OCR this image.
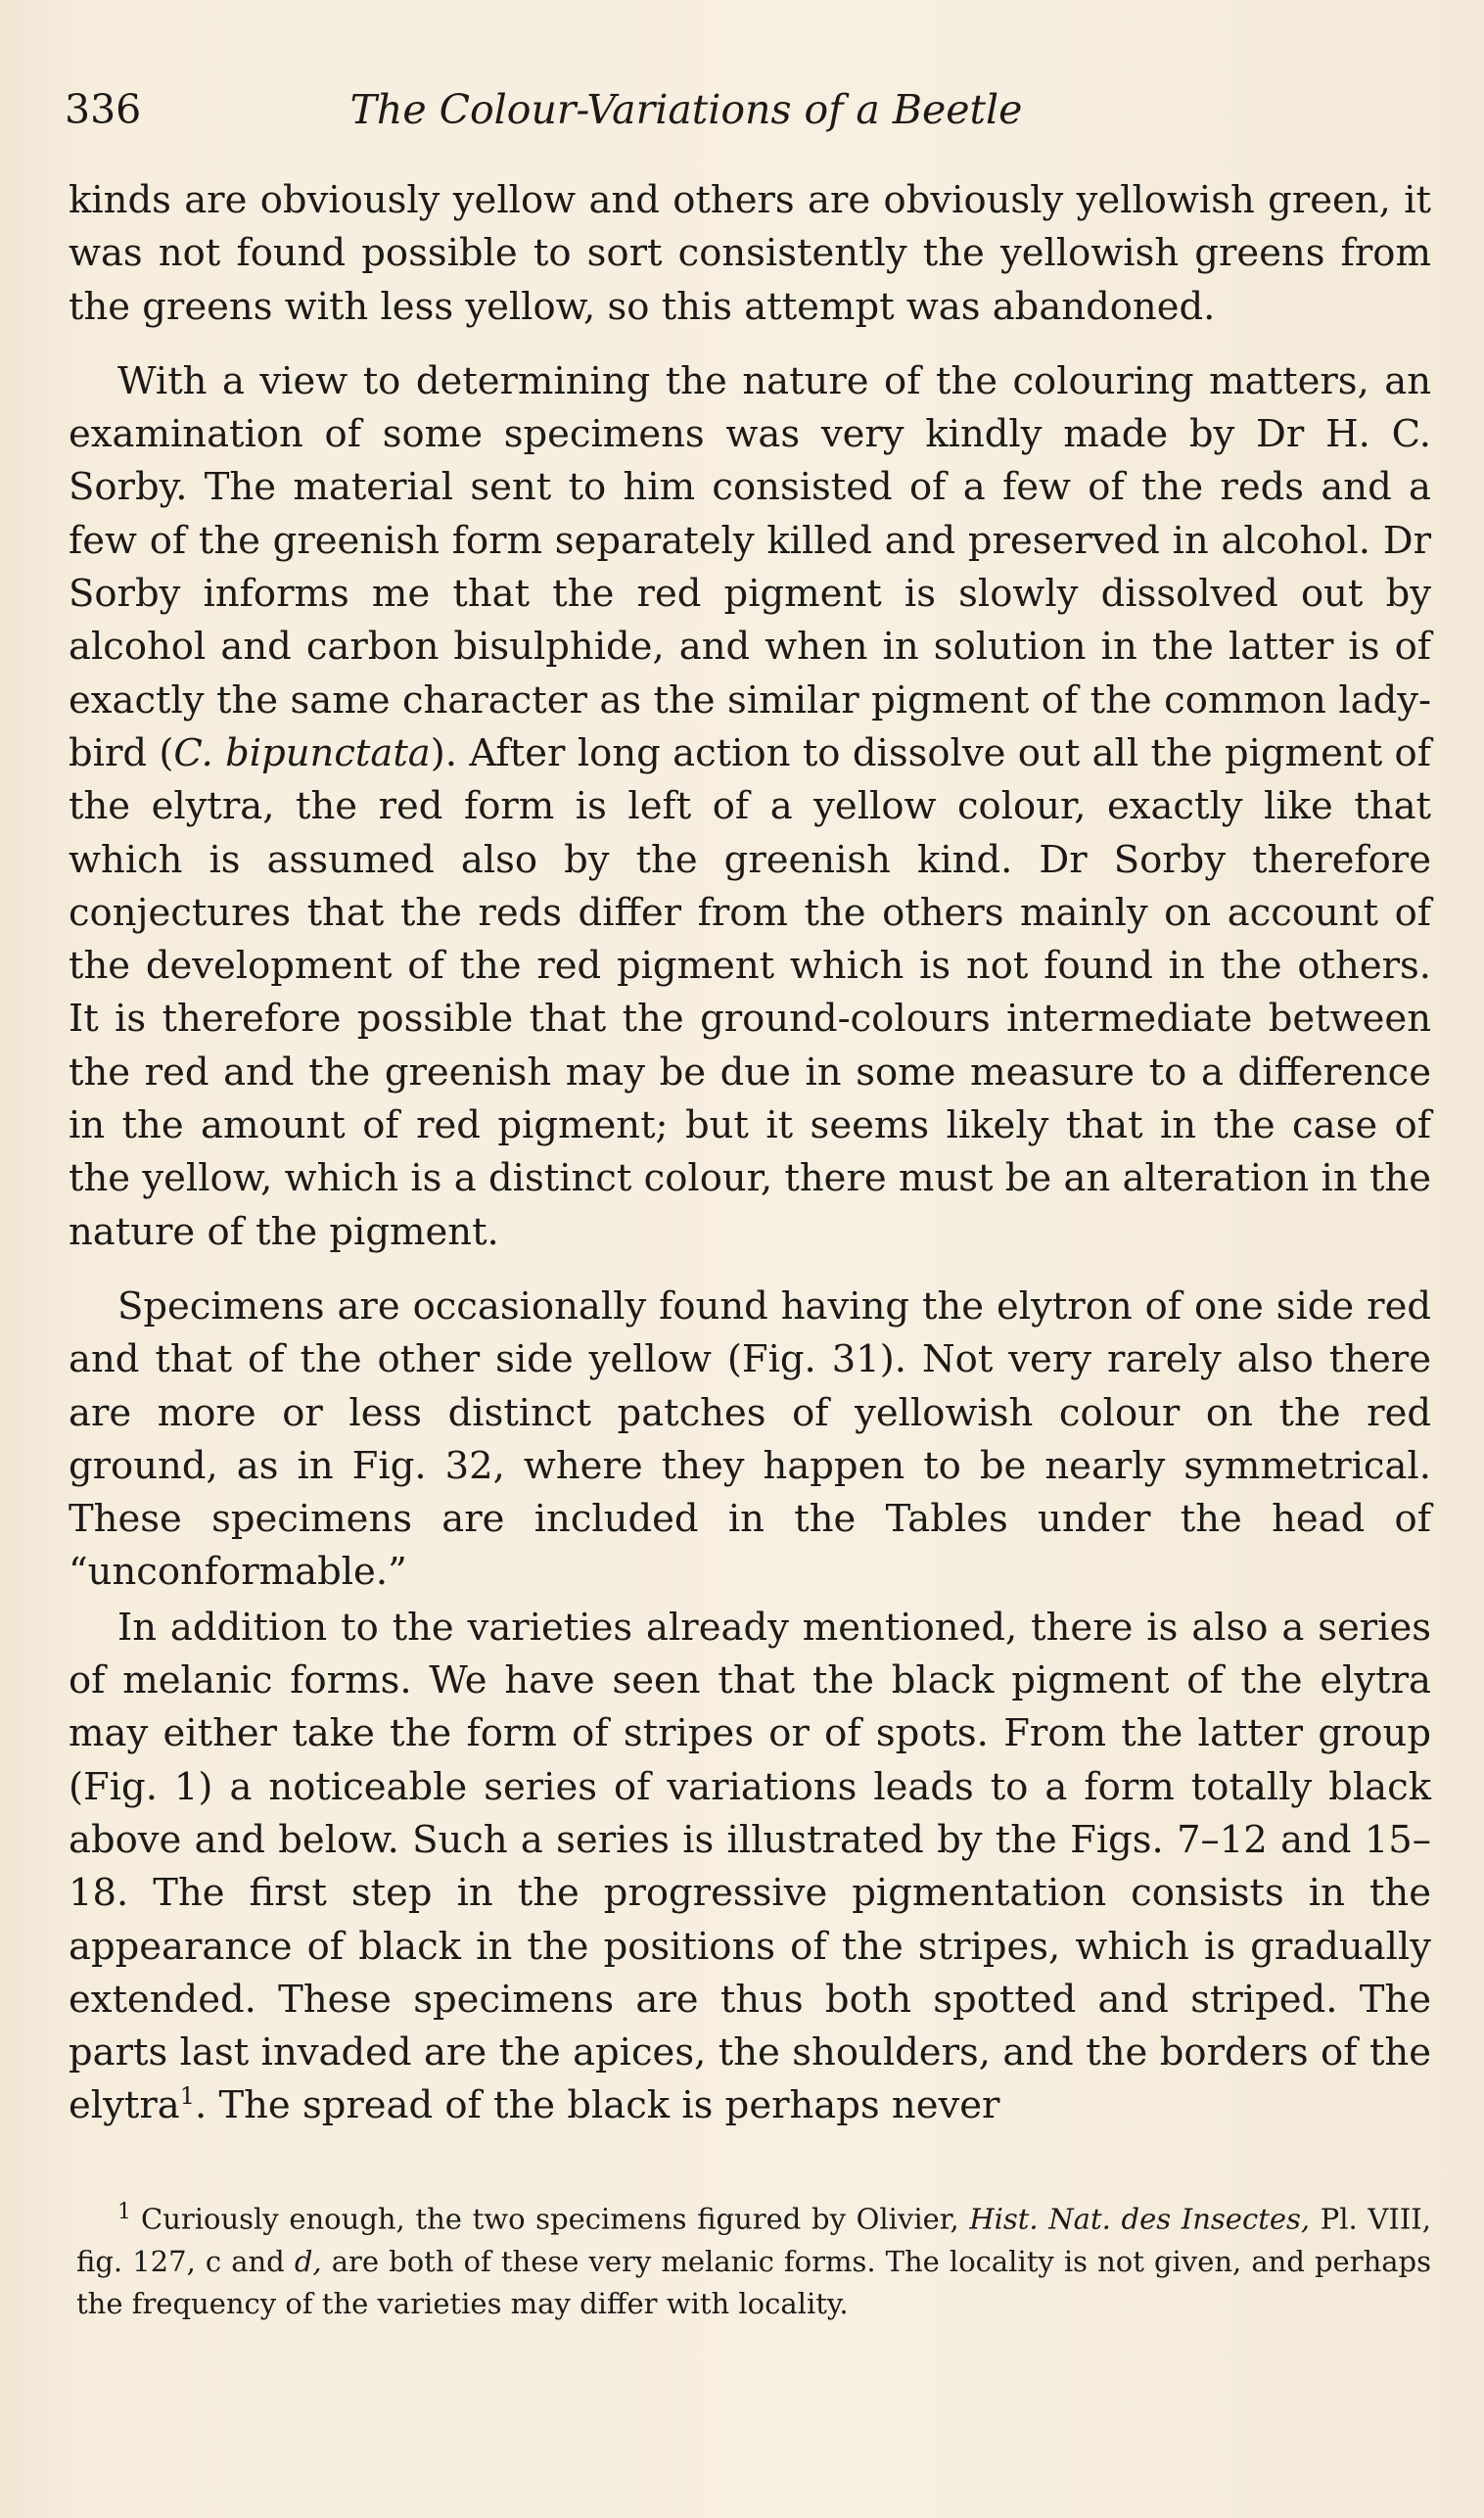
The Colour-Variations of a Beetle
336

kinds are obviously yellow and others are obviously yellowish green, it was not found possible to sort consistently the yellowish greens from the greens with less yellow, so this attempt was abandoned.

With a view to determining the nature of the colouring matters, an examination of some specimens was very kindly made by Dr H. C. Sorby. The material sent to him consisted of a few of the reds and a few of the greenish form separately killed and preserved in alcohol. Dr Sorby informs me that the red pigment is slowly dissolved out by alcohol and carbon bisulphide, and when in solution in the latter is of exactly the same character as the similar pigment of the common lady-bird (C. bipunctata). After long action to dissolve out all the pigment of the elytra, the red form is left of a yellow colour, exactly like that which is assumed also by the greenish kind. Dr Sorby therefore conjectures that the reds differ from the others mainly on account of the development of the red pigment which is not found in the others. It is therefore possible that the ground-colours intermediate between the red and the greenish may be due in some measure to a difference in the amount of red pigment; but it seems likely that in the case of the yellow, which is a distinct colour, there must be an alteration in the nature of the pigment.

Specimens are occasionally found having the elytron of one side red and that of the other side yellow (Fig. 31). Not very rarely also there are more or less distinct patches of yellowish colour on the red ground, as in Fig. 32, where they happen to be nearly symmetrical. These specimens are included in the Tables under the head of “unconformable.”

In addition to the varieties already mentioned, there is also a series of melanic forms. We have seen that the black pigment of the elytra may either take the form of stripes or of spots. From the latter group (Fig. 1) a noticeable series of variations leads to a form totally black above and below. Such a series is illustrated by the Figs. 7–12 and 15–18. The first step in the progressive pigmentation consists in the appearance of black in the positions of the stripes, which is gradually extended. These specimens are thus both spotted and striped. The parts last invaded are the apices, the shoulders, and the borders of the elytra$^1$. The spread of the black is perhaps never

$^1$ Curiously enough, the two specimens figured by Olivier, Hist. Nat. des Insectes, Pl. VIII, fig. 127, c and d, are both of these very melanic forms. The locality is not given, and perhaps the frequency of the varieties may differ with locality.
